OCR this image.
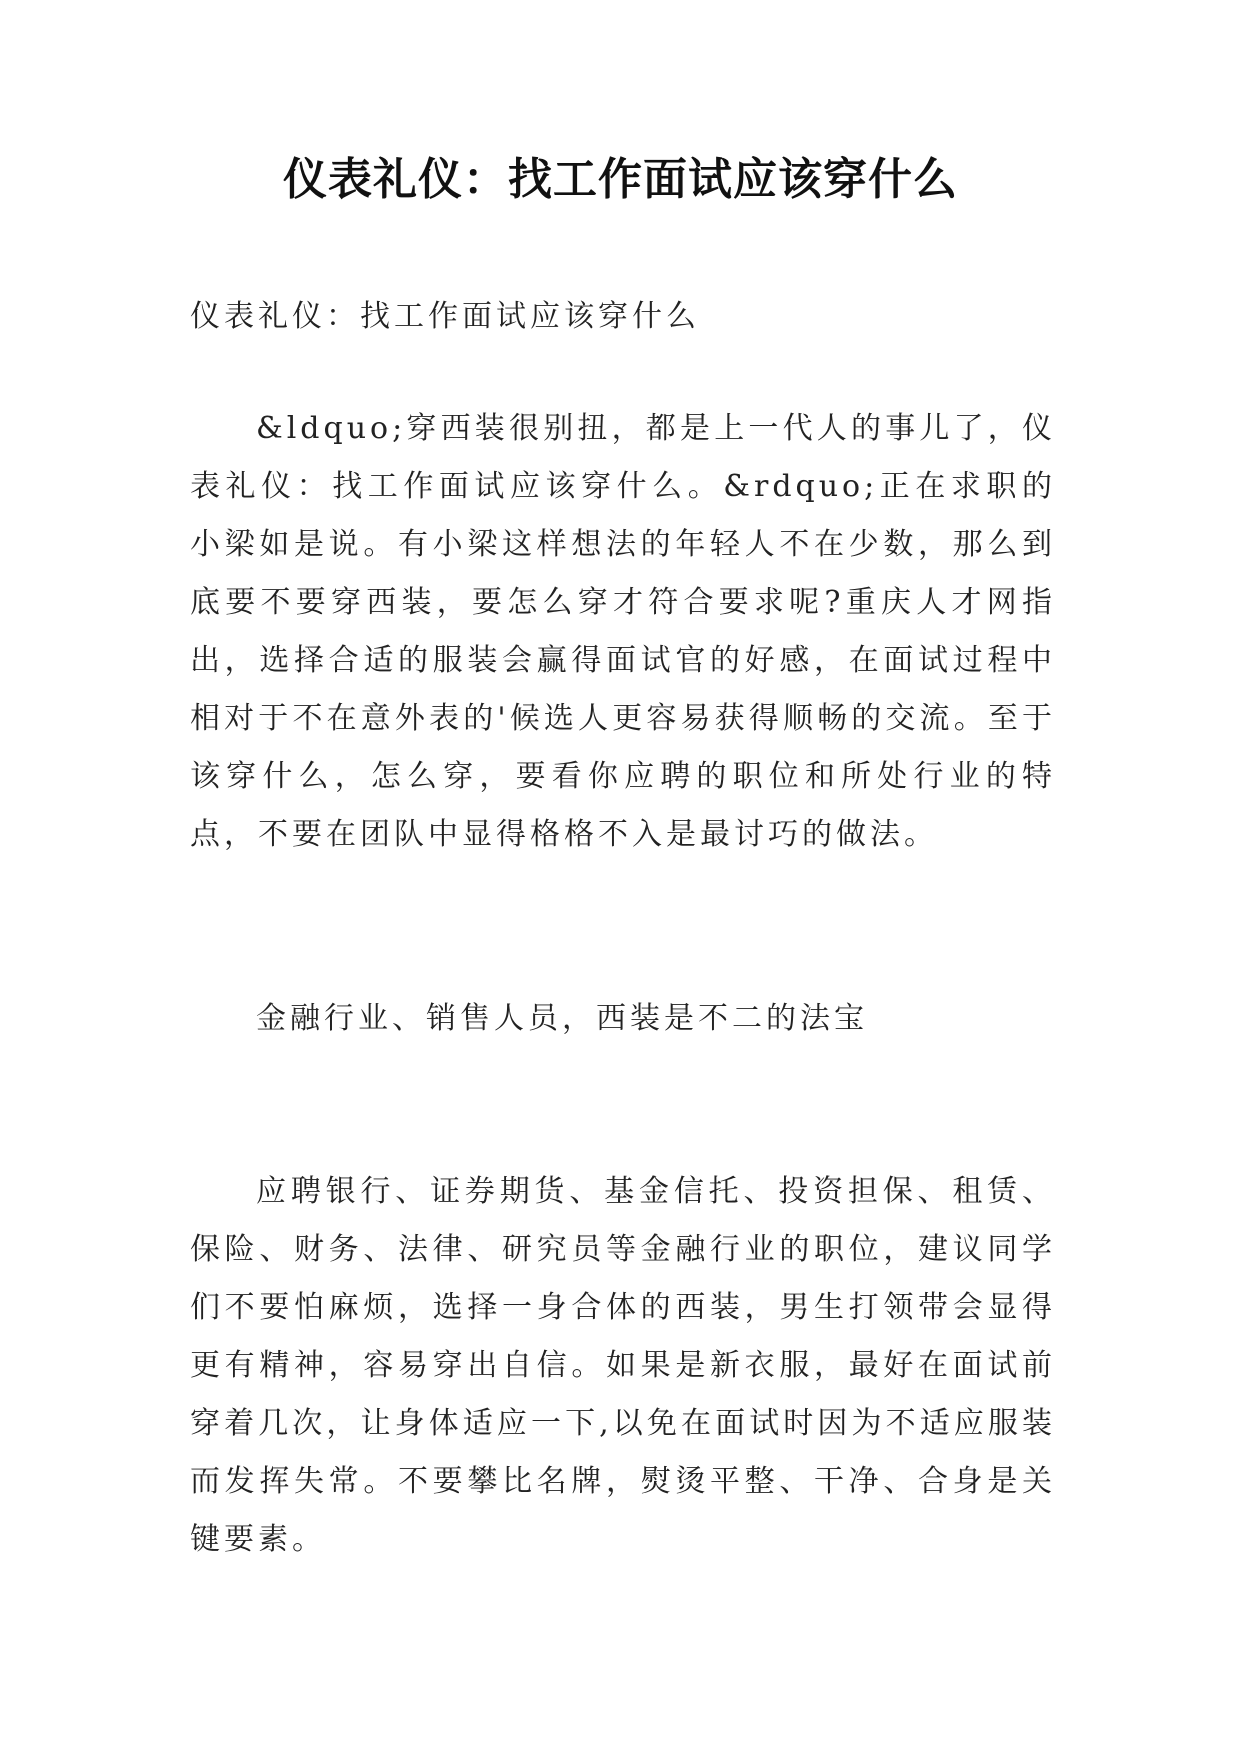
仪表礼仪：找工作面试应该穿什么

仪表礼仪：找工作面试应该穿什么

&ldquo;穿西装很别扭，都是上一代人的事儿了，仪表礼仪：找工作面试应该穿什么。&rdquo;正在求职的小梁如是说。有小梁这样想法的年轻人不在少数，那么到底要不要穿西装，要怎么穿才符合要求呢?重庆人才网指出，选择合适的服装会赢得面试官的好感，在面试过程中相对于不在意外表的'候选人更容易获得顺畅的交流。至于该穿什么，怎么穿，要看你应聘的职位和所处行业的特点，不要在团队中显得格格不入是最讨巧的做法。

金融行业、销售人员，西装是不二的法宝

应聘银行、证券期货、基金信托、投资担保、租赁、保险、财务、法律、研究员等金融行业的职位，建议同学们不要怕麻烦，选择一身合体的西装，男生打领带会显得更有精神，容易穿出自信。如果是新衣服，最好在面试前穿着几次，让身体适应一下,以免在面试时因为不适应服装而发挥失常。不要攀比名牌，熨烫平整、干净、合身是关键要素。
